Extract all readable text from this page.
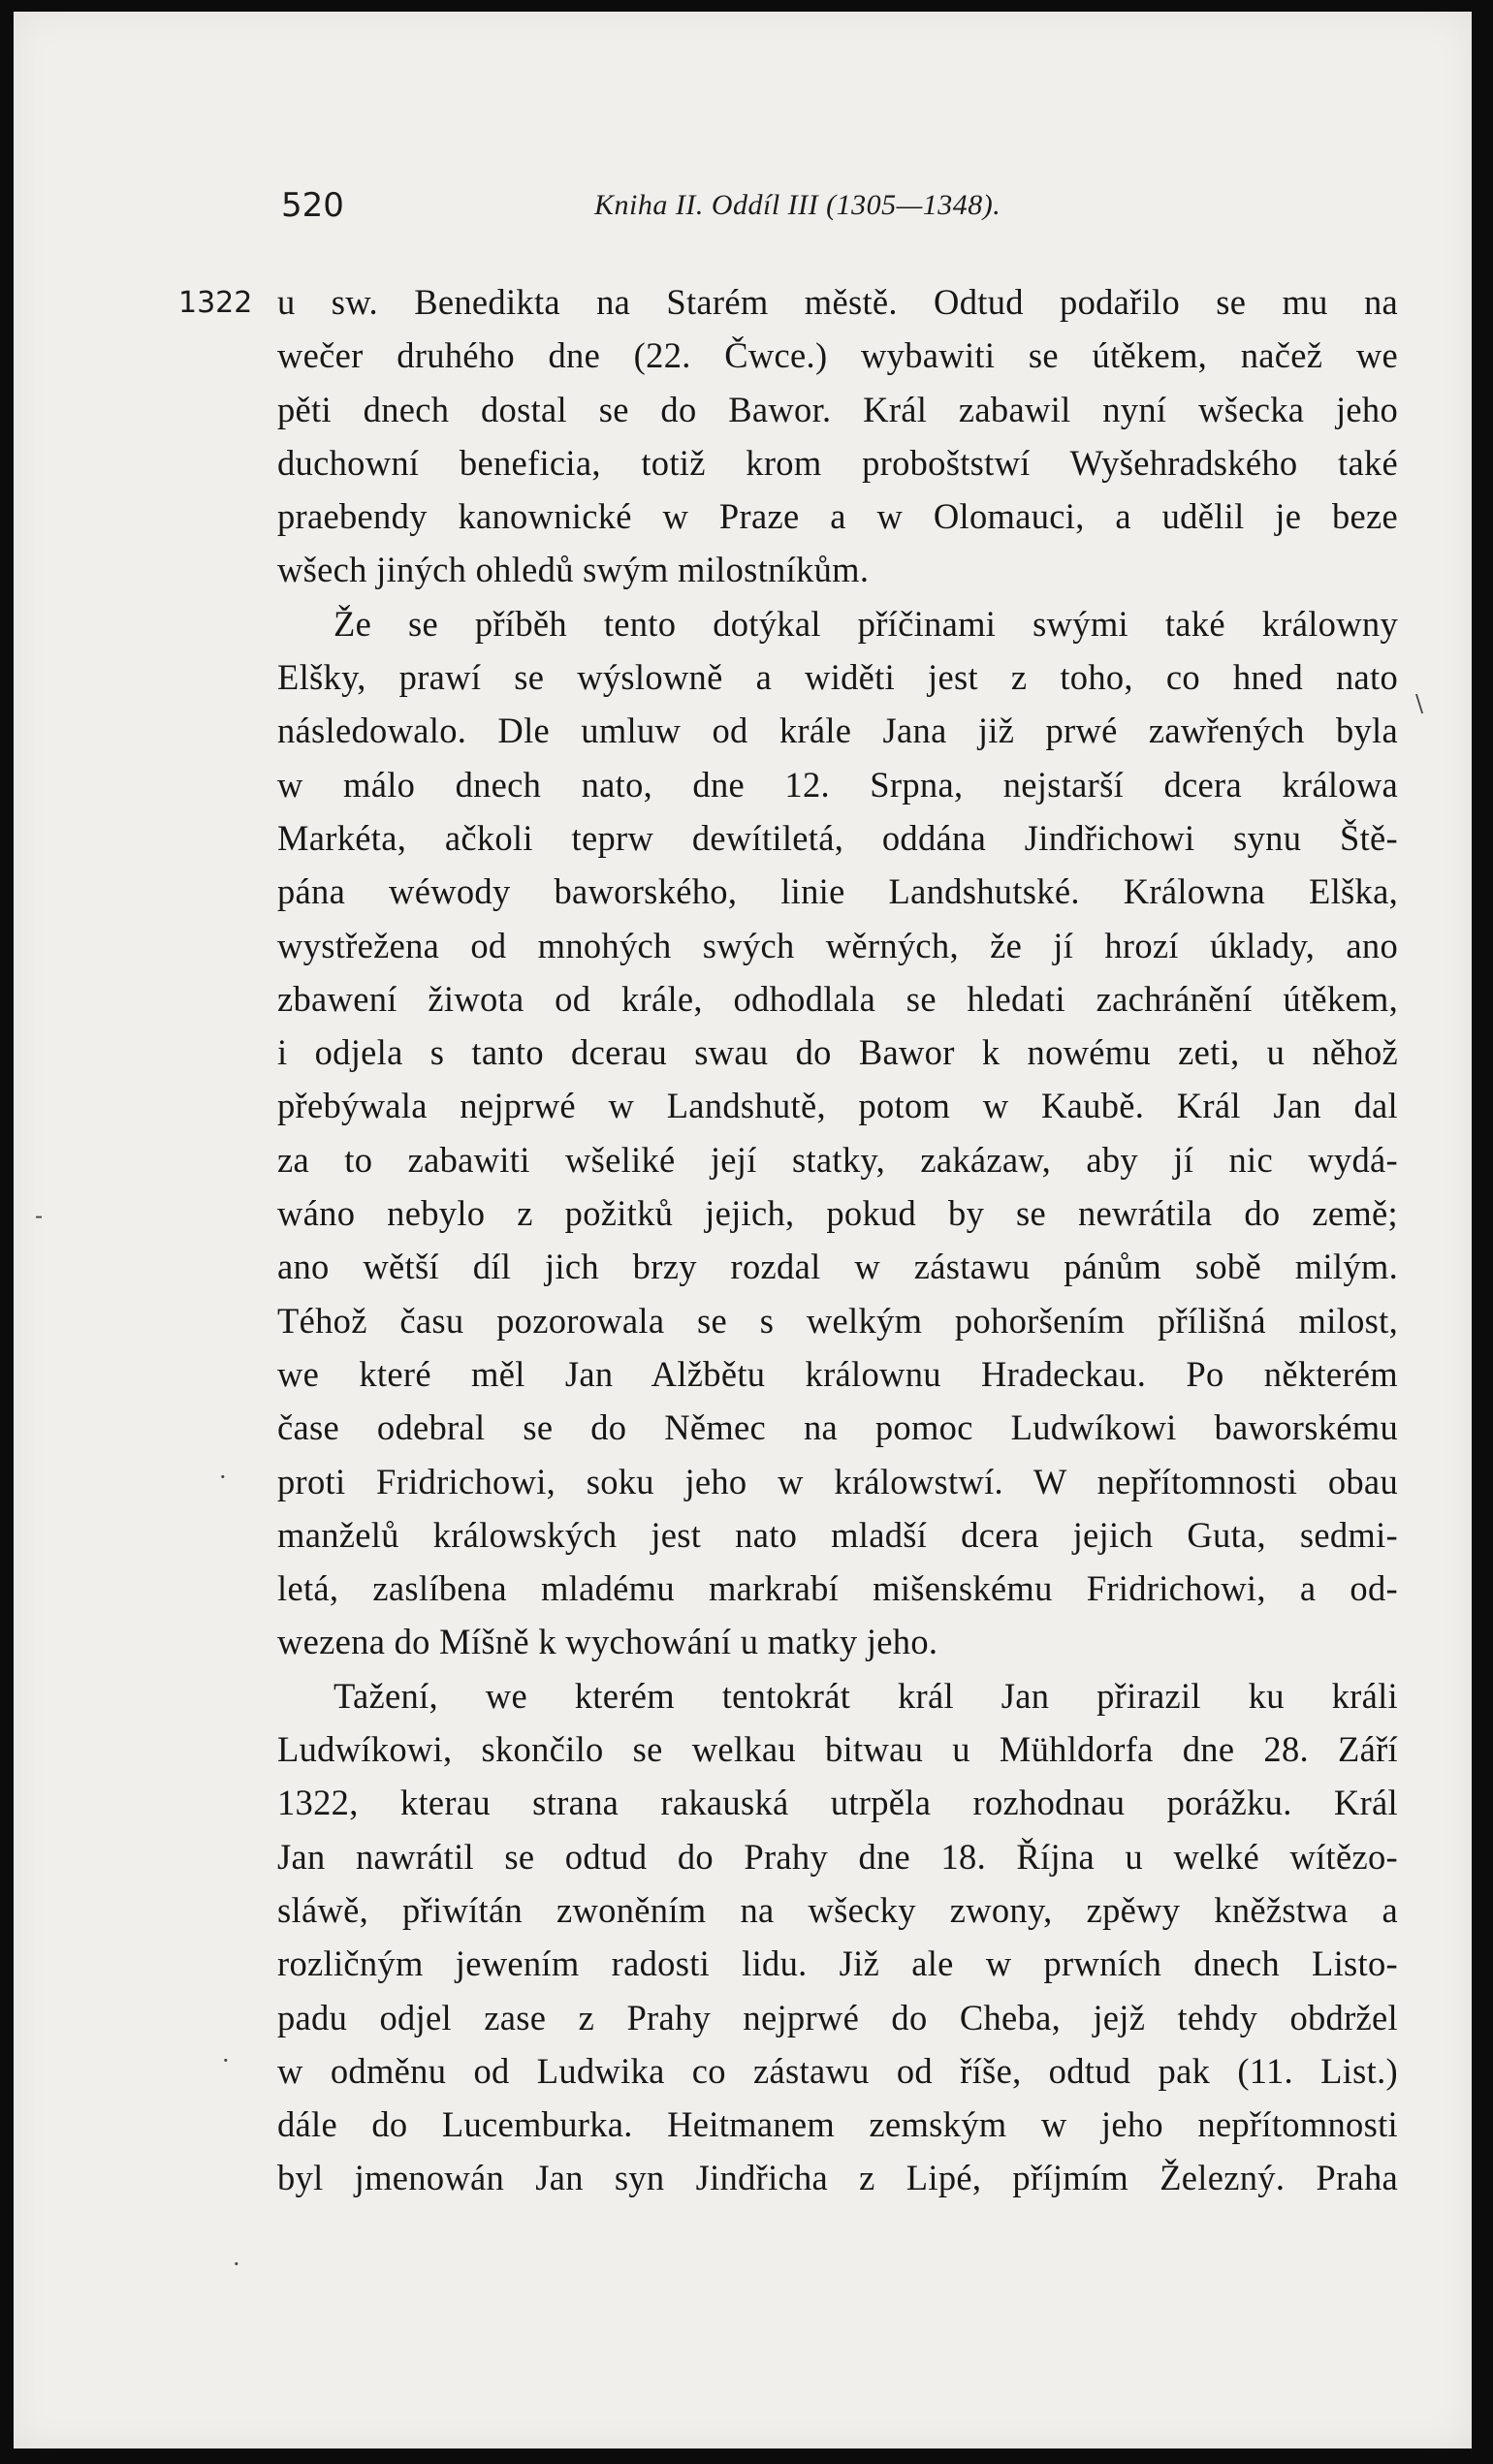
520	Kniha II. Oddíl III (1305—1348).
1322 u sw. Benedikta na Starém městě. Odtud podařilo se mu na
wečer druhého dne (22. Čwce.) wybawiti se útěkem, načež we
pěti dnech dostal se do Bawor. Král zabawil nyní wšecka jeho
duchowní beneficia, totiž krom proboštstwí Wyšehradského také
praebendy kanownické w Praze a w Olomauci, a udělil je beze
wšech jiných ohledů swým milostníkům.
Že se příběh tento dotýkal příčinami swými také králowny
Elšky, prawí se wýslowně a widěti jest z toho, co hned nato
následowalo. Dle umluw od krále Jana již prwé zawřených byla
w málo dnech nato, dne 12. Srpna, nejstarší dcera králowa
Markéta, ačkoli teprw dewítiletá, oddána Jindřichowi synu Ště-
pána wéwody baworského, linie Landshutské. Králowna Elška,
wystřežena od mnohých swých wěrných, že jí hrozí úklady, ano
zbawení žiwota od krále, odhodlala se hledati zachránění útěkem,
i odjela s tanto dcerau swau do Bawor k nowému zeti, u něhož
přebýwala nejprwé w Landshutě, potom w Kaubě. Král Jan dal
za to zabawiti wšeliké její statky, zakázaw, aby jí nic wydá-
wáno nebylo z požitků jejich, pokud by se newrátila do země;
ano wětší díl jich brzy rozdal w zástawu pánům sobě milým.
Téhož času pozorowala se s welkým pohoršením přílišná milost,
we které měl Jan Alžbětu králownu Hradeckau. Po některém
čase odebral se do Němec na pomoc Ludwíkowi baworskému
proti Fridrichowi, soku jeho w králowstwí. W nepřítomnosti obau
manželů králowských jest nato mladší dcera jejich Guta, sedmi-
letá, zaslíbena mladému markrabí mišenskému Fridrichowi, a od-
wezena do Míšně k wychowání u matky jeho.
Tažení, we kterém tentokrát král Jan přirazil ku králi
Ludwíkowi, skončilo se welkau bitwau u Mühldorfa dne 28. Září
1322, kterau strana rakauská utrpěla rozhodnau porážku. Král
Jan nawrátil se odtud do Prahy dne 18. Října u welké wítězo-
sláwě, přiwítán zwoněním na wšecky zwony, zpěwy kněžstwa a
rozličným jewením radosti lidu. Již ale w prwních dnech Listo-
padu odjel zase z Prahy nejprwé do Cheba, jejž tehdy obdržel
w odměnu od Ludwika co zástawu od říše, odtud pak (11. List.)
dále do Lucemburka. Heitmanem zemským w jeho nepřítomnosti
byl jmenowán Jan syn Jindřicha z Lipé, příjmím Železný. Praha
\
-
·
·
·
